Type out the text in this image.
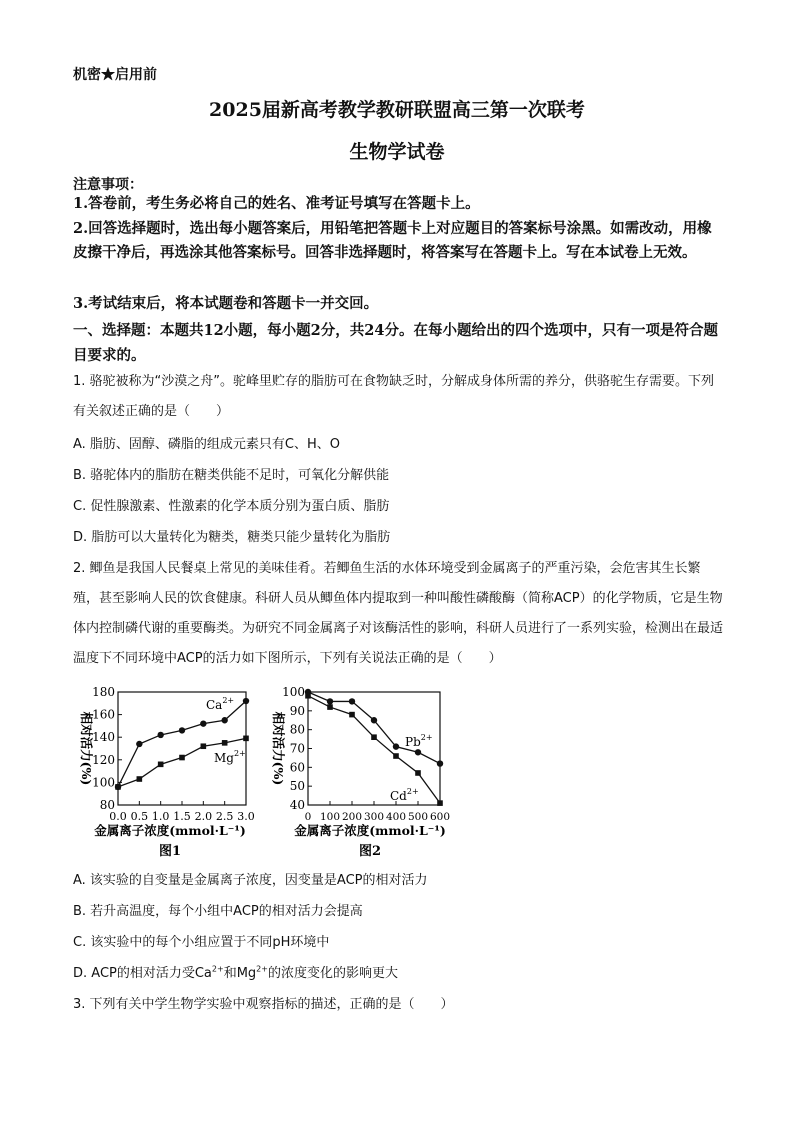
机密★启用前
2025届新高考教学教研联盟高三第一次联考
生物学试卷
注意事项：
1.答卷前，考生务必将自己的姓名、准考证号填写在答题卡上。
2.回答选择题时，选出每小题答案后，用铅笔把答题卡上对应题目的答案标号涂黑。如需改动，用橡皮擦干净后，再选涂其他答案标号。回答非选择题时，将答案写在答题卡上。写在本试卷上无效。
3.考试结束后，将本试题卷和答题卡一并交回。
一、选择题：本题共12小题，每小题2分，共24分。在每小题给出的四个选项中，只有一项是符合题目要求的。
1. 骆驼被称为“沙漠之舟”。驼峰里贮存的脂肪可在食物缺乏时，分解成身体所需的养分，供骆驼生存需要。下列有关叙述正确的是（　　）
A. 脂肪、固醇、磷脂的组成元素只有C、H、O
B. 骆驼体内的脂肪在糖类供能不足时，可氧化分解供能
C. 促性腺激素、性激素的化学本质分别为蛋白质、脂肪
D. 脂肪可以大量转化为糖类，糖类只能少量转化为脂肪
2. 鲫鱼是我国人民餐桌上常见的美味佳肴。若鲫鱼生活的水体环境受到金属离子的严重污染，会危害其生长繁殖，甚至影响人民的饮食健康。科研人员从鲫鱼体内提取到一种叫酸性磷酸酶（简称ACP）的化学物质，它是生物体内控制磷代谢的重要酶类。为研究不同金属离子对该酶活性的影响，科研人员进行了一系列实验，检测出在最适温度下不同环境中ACP的活力如下图所示，下列有关说法正确的是（　　）
80
100
120
140
160
180
0.0 0.5 1.0 1.5 2.0 2.5 3.0
金属离子浓度(mmol·L⁻¹)
相对活力(%)
图1
$Ca^{2+}$
$Mg^{2+}$
40
50
60
70
80
90
100
0 100 200 300 400 500 600
金属离子浓度(mmol·L⁻¹)
相对活力(%)
图2
$Pb^{2+}$
$Cd^{2+}$
A. 该实验的自变量是金属离子浓度，因变量是ACP的相对活力
B. 若升高温度，每个小组中ACP的相对活力会提高
C. 该实验中的每个小组应置于不同pH环境中
D. ACP的相对活力受$Ca^{2+}$和$Mg^{2+}$的浓度变化的影响更大
3. 下列有关中学生物学实验中观察指标的描述，正确的是（　　）
